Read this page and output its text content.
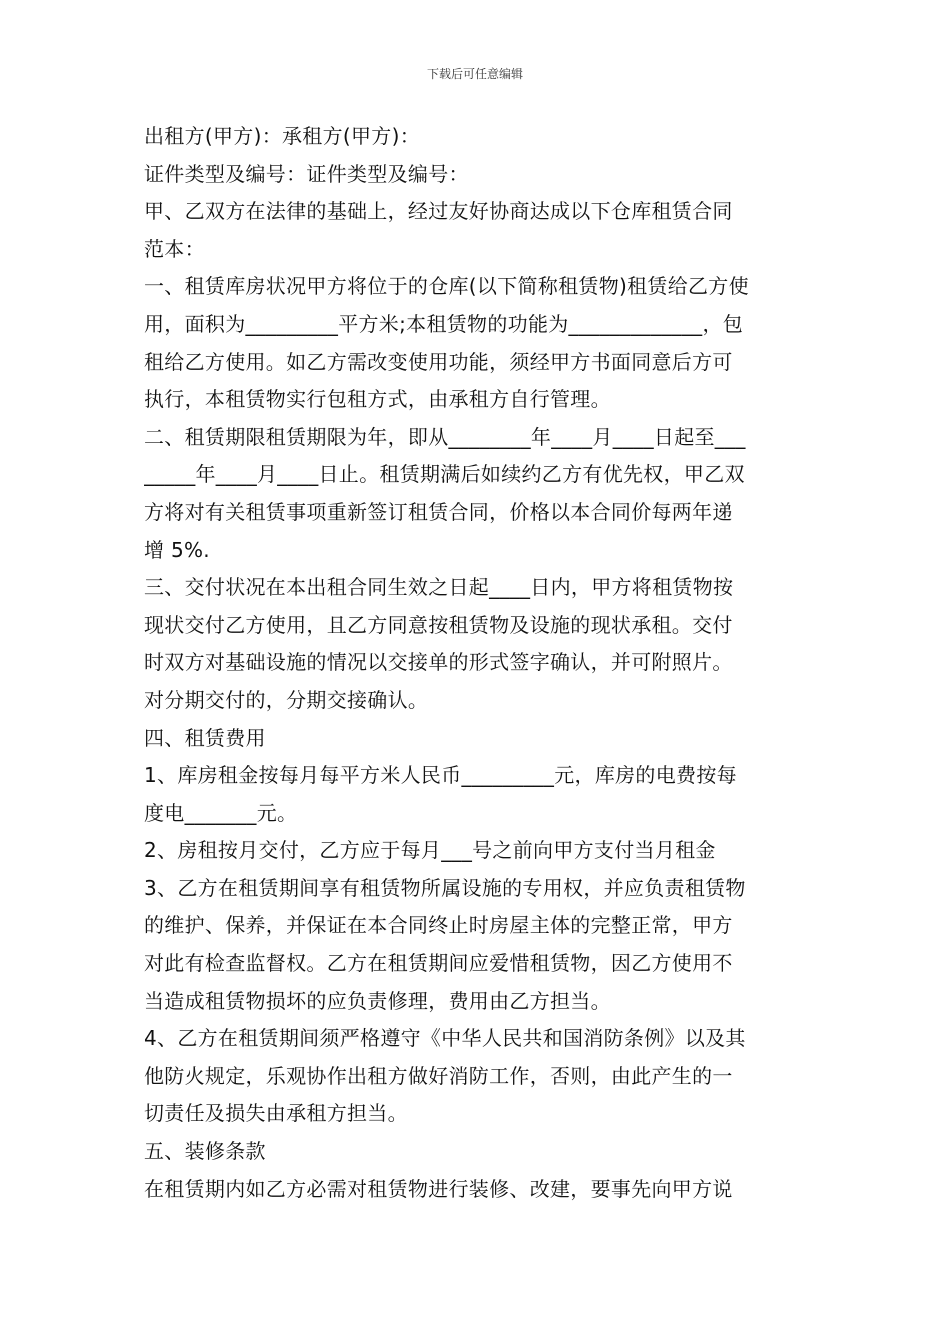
下载后可任意编辑
出租方(甲方)：承租方(甲方)：
证件类型及编号：证件类型及编号：
甲、乙双方在法律的基础上，经过友好协商达成以下仓库租赁合同
范本：
一、租赁库房状况甲方将位于的仓库(以下简称租赁物)租赁给乙方使
用，面积为_________平方米;本租赁物的功能为_____________，包
租给乙方使用。如乙方需改变使用功能，须经甲方书面同意后方可
执行，本租赁物实行包租方式，由承租方自行管理。
二、租赁期限租赁期限为年，即从________年____月____日起至___
_____年____月____日止。租赁期满后如续约乙方有优先权，甲乙双
方将对有关租赁事项重新签订租赁合同，价格以本合同价每两年递
增 5%.
三、交付状况在本出租合同生效之日起____日内，甲方将租赁物按
现状交付乙方使用，且乙方同意按租赁物及设施的现状承租。交付
时双方对基础设施的情况以交接单的形式签字确认，并可附照片。
对分期交付的，分期交接确认。
四、租赁费用
1、库房租金按每月每平方米人民币_________元，库房的电费按每
度电_______元。
2、房租按月交付，乙方应于每月___号之前向甲方支付当月租金
3、乙方在租赁期间享有租赁物所属设施的专用权，并应负责租赁物
的维护、保养，并保证在本合同终止时房屋主体的完整正常，甲方
对此有检查监督权。乙方在租赁期间应爱惜租赁物，因乙方使用不
当造成租赁物损坏的应负责修理，费用由乙方担当。
4、乙方在租赁期间须严格遵守《中华人民共和国消防条例》以及其
他防火规定，乐观协作出租方做好消防工作，否则，由此产生的一
切责任及损失由承租方担当。
五、装修条款
在租赁期内如乙方必需对租赁物进行装修、改建，要事先向甲方说
